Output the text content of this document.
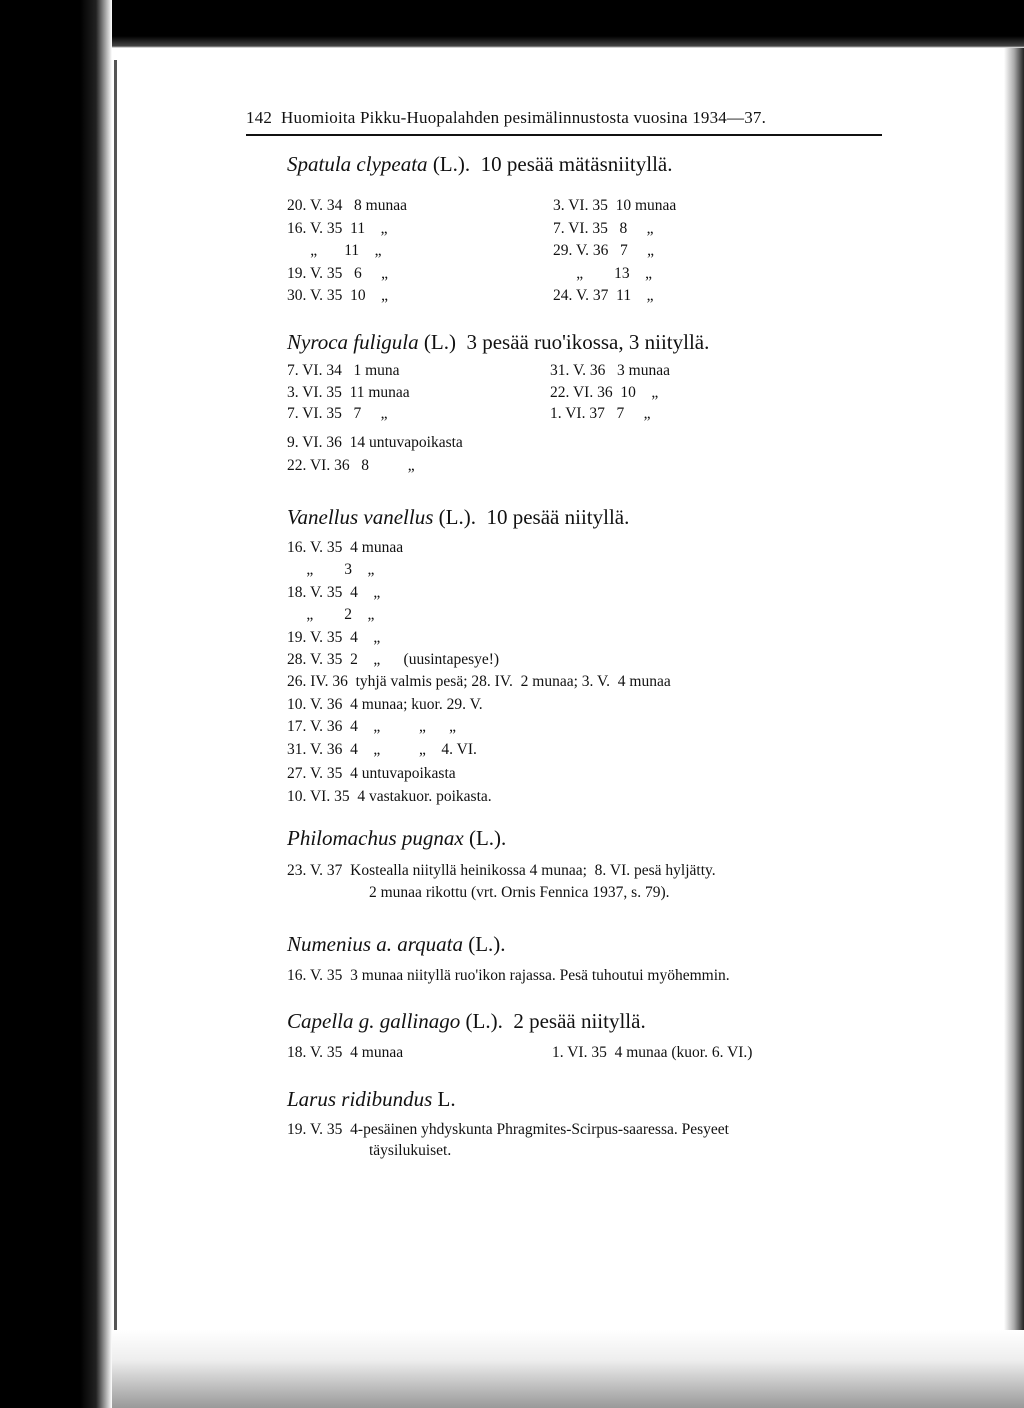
142 Huomioita Pikku-Huopalahden pesimälinnustosta vuosina 1934—37.
Spatula clypeata (L.). 10 pesää mätäsniityllä.
20. V. 34   8 munaa
16. V. 35  11    „
„       11    „
19. V. 35   6     „
30. V. 35  10    „
3. VI. 35  10 munaa
7. VI. 35   8     „
29. V. 36   7     „
„        13    „
24. V. 37  11    „
Nyroca fuligula (L.) 3 pesää ruo'ikossa, 3 niityllä.
7. VI. 34   1 muna
3. VI. 35  11 munaa
7. VI. 35   7     „
31. V. 36   3 munaa
22. VI. 36  10    „
1. VI. 37   7     „
9. VI. 36  14 untuvapoikasta
22. VI. 36   8          „
Vanellus vanellus (L.). 10 pesää niityllä.
16. V. 35  4 munaa
„        3    „
18. V. 35  4    „
„        2    „
19. V. 35  4    „
28. V. 35  2    „      (uusintapesye!)
26. IV. 36  tyhjä valmis pesä; 28. IV.  2 munaa; 3. V.  4 munaa
10. V. 36  4 munaa; kuor. 29. V.
17. V. 36  4    „          „      „
31. V. 36  4    „          „    4. VI.
27. V. 35  4 untuvapoikasta
10. VI. 35  4 vastakuor. poikasta.
Philomachus pugnax (L.).
23. V. 37  Kostealla niityllä heinikossa 4 munaa;  8. VI. pesä hyljätty.
2 munaa rikottu (vrt. Ornis Fennica 1937, s. 79).
Numenius a. arquata (L.).
16. V. 35  3 munaa niityllä ruo'ikon rajassa. Pesä tuhoutui myöhemmin.
Capella g. gallinago (L.). 2 pesää niityllä.
18. V. 35  4 munaa	1. VI. 35  4 munaa (kuor. 6. VI.)
Larus ridibundus L.
19. V. 35  4-pesäinen yhdyskunta Phragmites-Scirpus-saaressa. Pesyeet
täysilukuiset.
